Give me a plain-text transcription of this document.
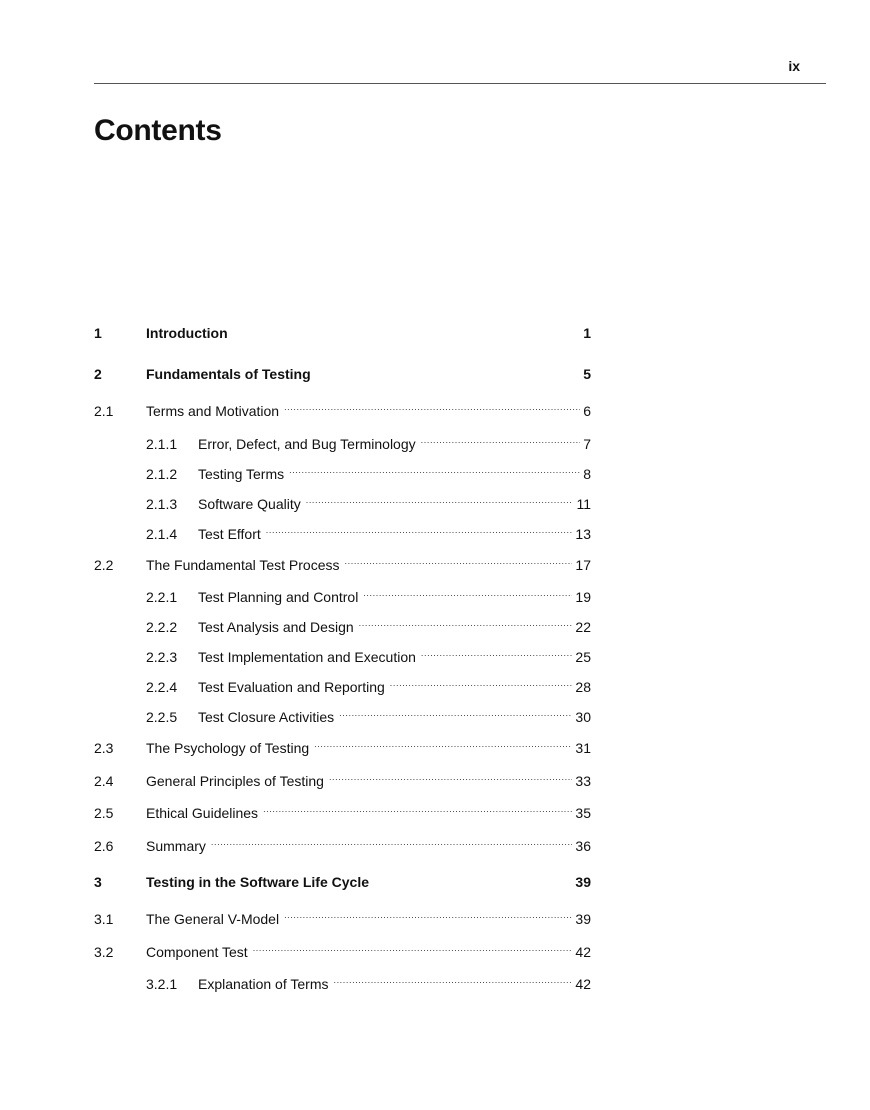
ix
Contents
1	Introduction	1
2	Fundamentals of Testing	5
2.1	Terms and Motivation .....	6
2.1.1	Error, Defect, and Bug Terminology .....	7
2.1.2	Testing Terms .....	8
2.1.3	Software Quality .....	11
2.1.4	Test Effort .....	13
2.2	The Fundamental Test Process .....	17
2.2.1	Test Planning and Control .....	19
2.2.2	Test Analysis and Design .....	22
2.2.3	Test Implementation and Execution .....	25
2.2.4	Test Evaluation and Reporting .....	28
2.2.5	Test Closure Activities .....	30
2.3	The Psychology of Testing .....	31
2.4	General Principles of Testing .....	33
2.5	Ethical Guidelines .....	35
2.6	Summary .....	36
3	Testing in the Software Life Cycle	39
3.1	The General V-Model .....	39
3.2	Component Test .....	42
3.2.1	Explanation of Terms .....	42
